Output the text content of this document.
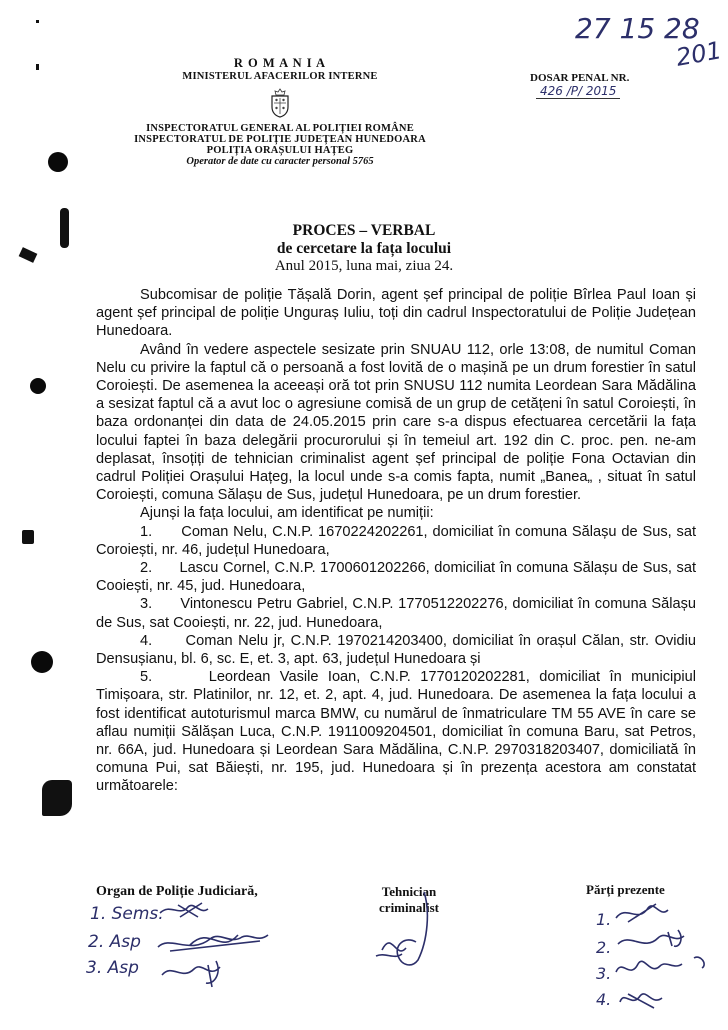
27 15 28
201
R O M A N I A
MINISTERUL AFACERILOR INTERNE
INSPECTORATUL GENERAL AL POLIȚIEI ROMÂNE
INSPECTORATUL DE POLIȚIE JUDEȚEAN HUNEDOARA
POLIȚIA ORAȘULUI HAȚEG
Operator de date cu caracter personal 5765
DOSAR PENAL NR.
426 /P/ 2015
PROCES – VERBAL
de cercetare la fața locului
Anul 2015, luna mai, ziua 24.
Subcomisar de poliție Tășală Dorin, agent șef principal de poliție Bîrlea Paul Ioan și agent șef principal de poliție Unguraș Iuliu, toți din cadrul Inspectoratului de Poliție Județean Hunedoara.
Având în vedere aspectele sesizate prin SNUAU 112, orle 13:08, de numitul Coman Nelu cu privire la faptul că o persoană a fost lovită de o mașină pe un drum forestier în satul Coroiești. De asemenea la aceeași oră tot prin SNUSU 112 numita Leordean Sara Mădălina a sesizat faptul că a avut loc o agresiune comisă de un grup de cetățeni în satul Coroiești, în baza ordonanței din data de 24.05.2015 prin care s-a dispus efectuarea cercetării la fața locului faptei în baza delegării procurorului și în temeiul art. 192 din C. proc. pen. ne-am deplasat, însoțiți de tehnician criminalist agent șef principal de poliție Fona Octavian din cadrul Poliției Orașului Hațeg, la locul unde s-a comis fapta, numit „Banea„ , situat în satul Coroiești, comuna Sălașu de Sus, județul Hunedoara, pe un drum forestier.
Ajunși la fața locului, am identificat pe numiții:
1. Coman Nelu, C.N.P. 1670224202261, domiciliat în comuna Sălașu de Sus, sat Coroiești, nr. 46, județul Hunedoara,
2. Lascu Cornel, C.N.P. 1700601202266, domiciliat în comuna Sălașu de Sus, sat Cooiești, nr. 45, jud. Hunedoara,
3. Vintonescu Petru Gabriel, C.N.P. 1770512202276, domiciliat în comuna Sălașu de Sus, sat Cooiești, nr. 22, jud. Hunedoara,
4. Coman Nelu jr, C.N.P. 1970214203400, domiciliat în orașul Călan, str. Ovidiu Densușianu, bl. 6, sc. E, et. 3, apt. 63, județul Hunedoara și
5.	Leordean Vasile Ioan, C.N.P. 1770120202281, domiciliat în municipiul Timișoara, str. Platinilor, nr. 12, et. 2, apt. 4, jud. Hunedoara. De asemenea la fața locului a fost identificat autoturismul marca BMW, cu numărul de înmatriculare TM 55 AVE în care se aflau numiții Sălășan Luca, C.N.P. 1911009204501, domiciliat în comuna Baru, sat Petros, nr. 66A, jud. Hunedoara și Leordean Sara Mădălina, C.N.P. 2970318203407, domiciliată în comuna Pui, sat Băiești, nr. 195, jud. Hunedoara și în prezența acestora am constatat următoarele:
Organ de Poliție Judiciară,	Tehnician
criminalist
Părți prezente
1. Sems.
2. Asp
3. Asp
1.
2.
3.
4.
